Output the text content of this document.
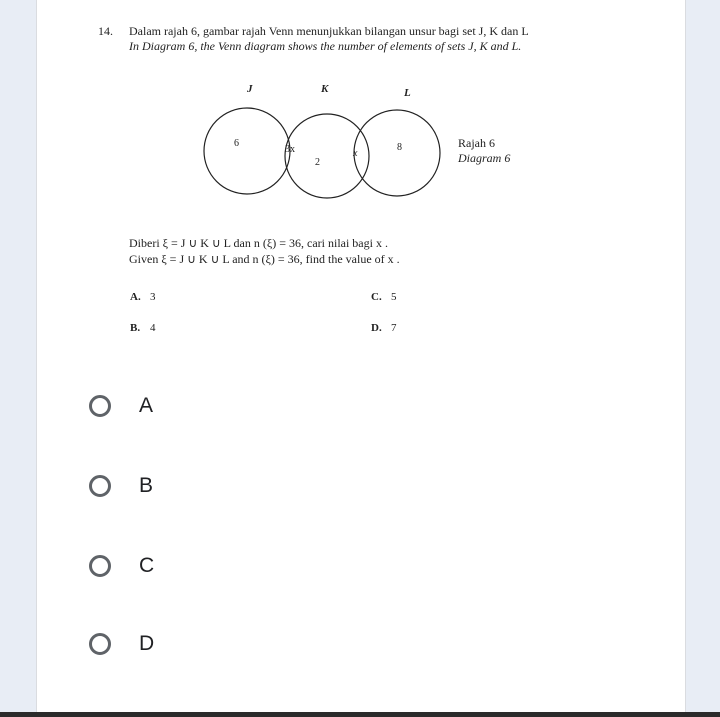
14. Dalam rajah 6, gambar rajah Venn menunjukkan bilangan unsur bagi set J, K dan L
In Diagram 6, the Venn diagram shows the number of elements of sets J, K and L.
J	K	L
6
3x
2
x
8	Rajah 6
Diagram 6
Diberi ξ = J ∪ K ∪ L dan n (ξ) = 36, cari nilai bagi x .
Given ξ = J ∪ K ∪ L and n (ξ) = 36, find the value of x .
A. 3
B. 4
C. 5
D. 7
A
B
C
D
